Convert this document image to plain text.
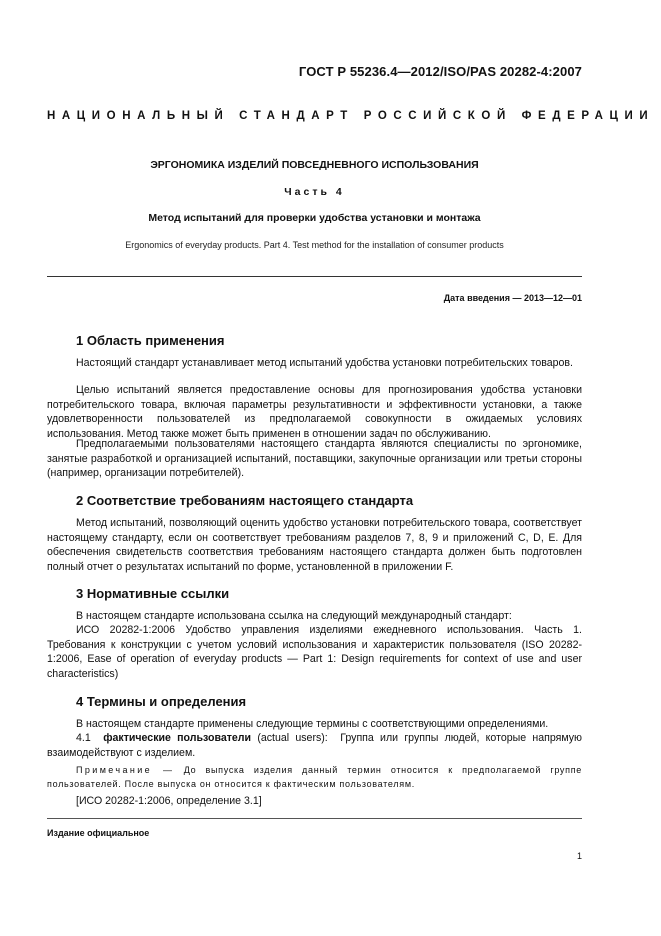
ГОСТ Р 55236.4—2012/ISO/PAS 20282-4:2007
НАЦИОНАЛЬНЫЙ СТАНДАРТ РОССИЙСКОЙ ФЕДЕРАЦИИ
ЭРГОНОМИКА ИЗДЕЛИЙ ПОВСЕДНЕВНОГО ИСПОЛЬЗОВАНИЯ
Часть 4
Метод испытаний для проверки удобства установки и монтажа
Ergonomics of everyday products. Part 4. Test method for the installation of consumer products
Дата введения — 2013—12—01
1 Область применения
Настоящий стандарт устанавливает метод испытаний удобства установки потребительских товаров.
Целью испытаний является предоставление основы для прогнозирования удобства установки потребительского товара, включая параметры результативности и эффективности установки, а также удовлетворенности пользователей из предполагаемой совокупности в ожидаемых условиях использования. Метод также может быть применен в отношении задач по обслуживанию.
Предполагаемыми пользователями настоящего стандарта являются специалисты по эргономике, занятые разработкой и организацией испытаний, поставщики, закупочные организации или третьи стороны (например, организации потребителей).
2 Соответствие требованиям настоящего стандарта
Метод испытаний, позволяющий оценить удобство установки потребительского товара, соответствует настоящему стандарту, если он соответствует требованиям разделов 7, 8, 9 и приложений C, D, E. Для обеспечения свидетельств соответствия требованиям настоящего стандарта должен быть подготовлен полный отчет о результатах испытаний по форме, установленной в приложении F.
3 Нормативные ссылки
В настоящем стандарте использована ссылка на следующий международный стандарт:
ИСО 20282-1:2006 Удобство управления изделиями ежедневного использования. Часть 1. Требования к конструкции с учетом условий использования и характеристик пользователя (ISO 20282-1:2006, Ease of operation of everyday products — Part 1: Design requirements for context of use and user characteristics)
4 Термины и определения
В настоящем стандарте применены следующие термины с соответствующими определениями.
4.1 фактические пользователи (actual users): Группа или группы людей, которые напрямую взаимодействуют с изделием.
Примечание — До выпуска изделия данный термин относится к предполагаемой группе пользователей. После выпуска он относится к фактическим пользователям.
[ИСО 20282-1:2006, определение 3.1]
Издание официальное
1
